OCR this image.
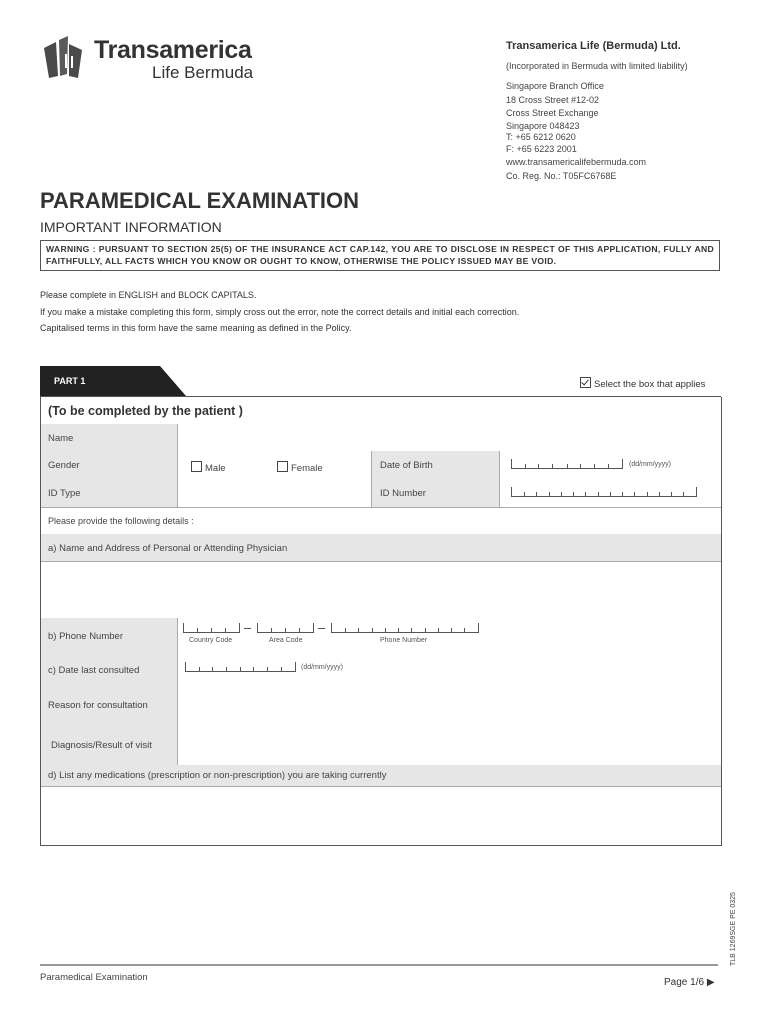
Transamerica
Life Bermuda
Transamerica Life (Bermuda) Ltd.
(Incorporated in Bermuda with limited liability)
Singapore Branch Office
18 Cross Street #12-02
Cross Street Exchange
Singapore 048423
T: +65 6212 0620
F: +65 6223 2001
www.transamericalifebermuda.com
Co. Reg. No.: T05FC6768E
PARAMEDICAL EXAMINATION
IMPORTANT INFORMATION
WARNING : PURSUANT TO SECTION 25(5) OF THE INSURANCE ACT CAP.142, YOU ARE TO DISCLOSE IN RESPECT OF THIS APPLICATION, FULLY AND FAITHFULLY, ALL FACTS WHICH YOU KNOW OR OUGHT TO KNOW, OTHERWISE THE POLICY ISSUED MAY BE VOID.
Please complete in ENGLISH and BLOCK CAPITALS.
If you make a mistake completing this form, simply cross out the error, note the correct details and initial each correction.
Capitalised terms in this form have the same meaning as defined in the Policy.
PART 1	Select the box that applies
(To be completed by the patient )
Name
Gender	Male	Female	Date of Birth	(dd/mm/yyyy)
ID Type	ID Number
Please provide the following details :
a) Name and Address of Personal or Attending Physician
b) Phone Number	Country Code	Area Code	Phone Number
c) Date last consulted	(dd/mm/yyyy)
Reason for consultation
Diagnosis/Result of visit
d) List any medications (prescription or non-prescription) you are taking currently
TLB 1269SGE PE 0325
Paramedical Examination	Page 1/6 ▶
